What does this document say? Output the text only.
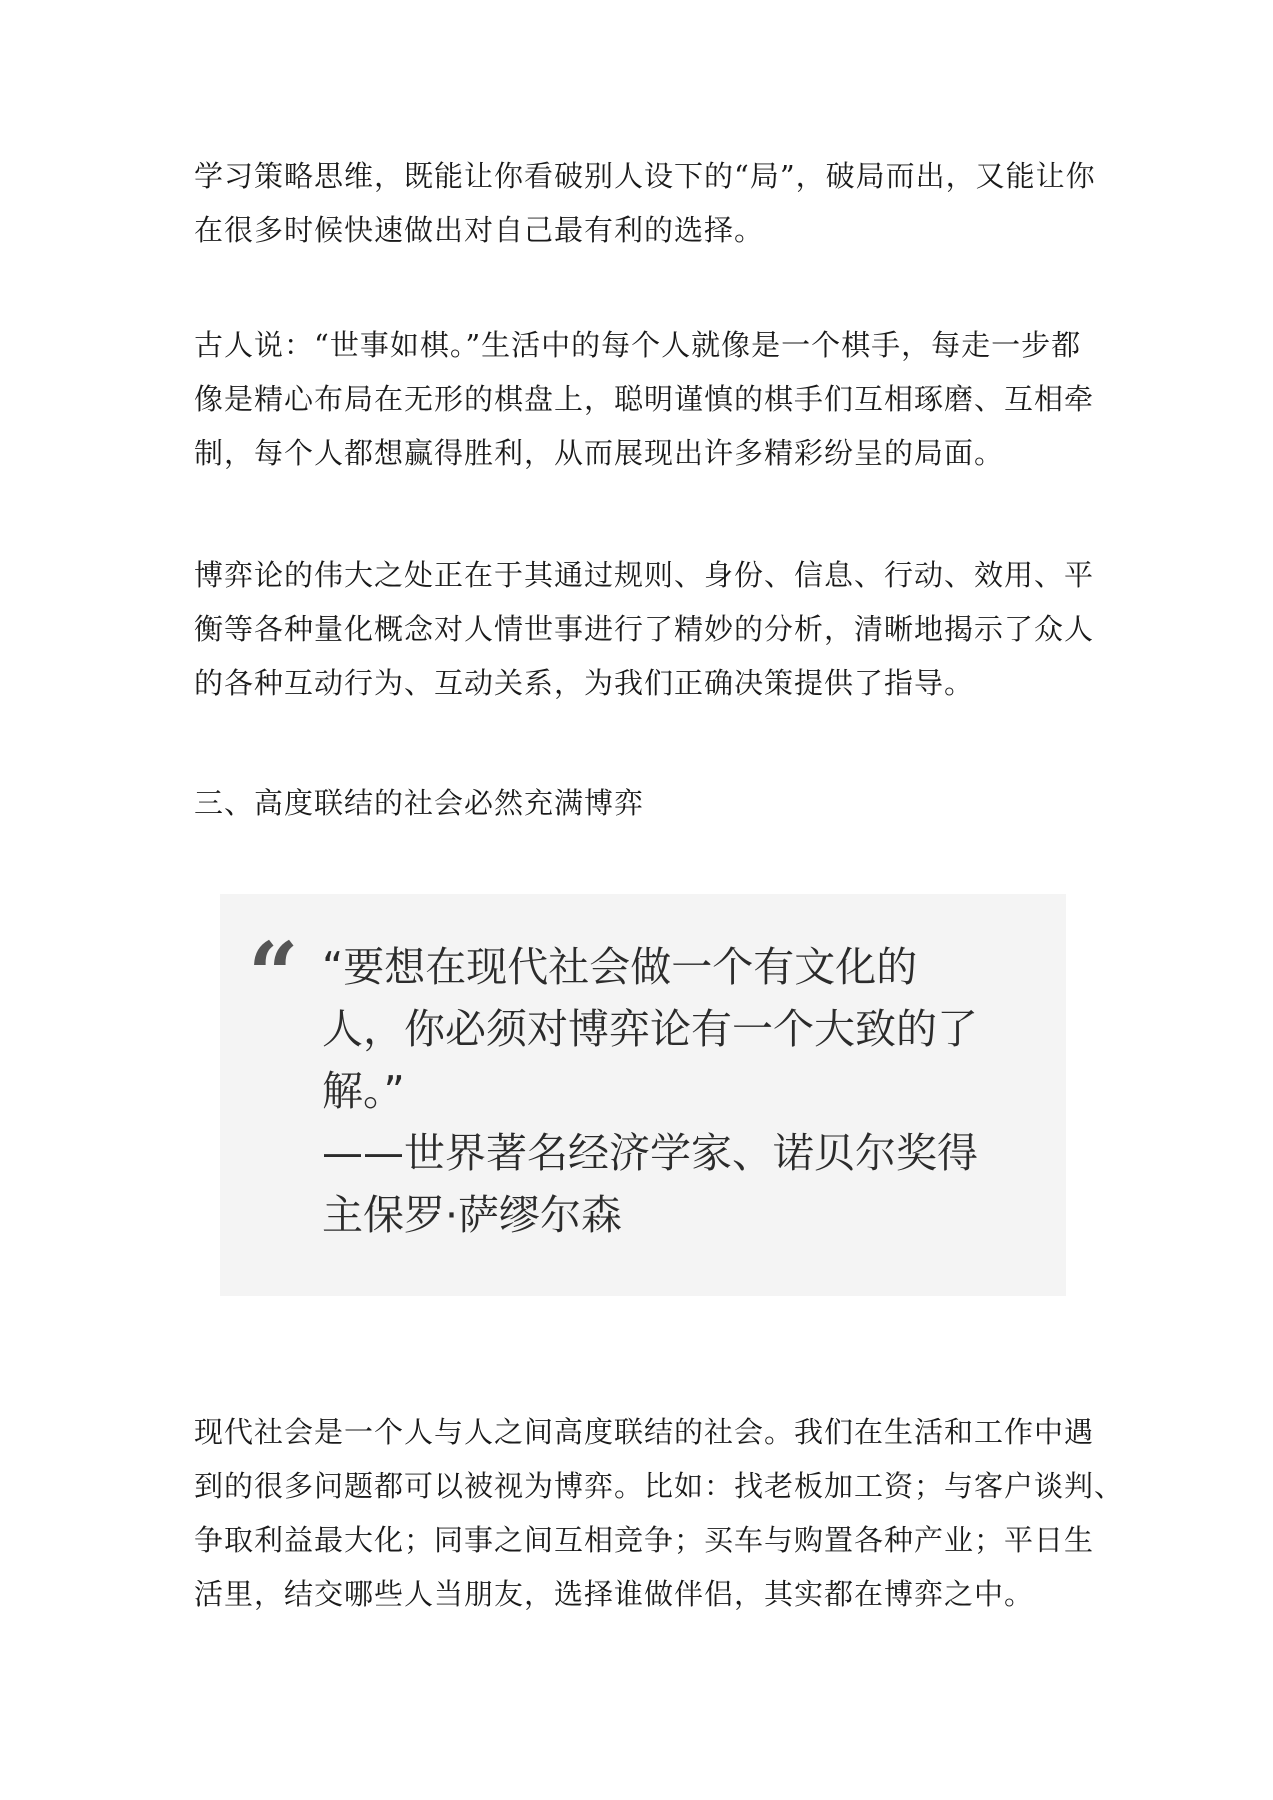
学习策略思维，既能让你看破别人设下的“局”，破局而出，又能让你
在很多时候快速做出对自己最有利的选择。

古人说：“世事如棋。”生活中的每个人就像是一个棋手，每走一步都
像是精心布局在无形的棋盘上，聪明谨慎的棋手们互相琢磨、互相牵
制，每个人都想赢得胜利，从而展现出许多精彩纷呈的局面。

博弈论的伟大之处正在于其通过规则、身份、信息、行动、效用、平
衡等各种量化概念对人情世事进行了精妙的分析，清晰地揭示了众人
的各种互动行为、互动关系，为我们正确决策提供了指导。

三、高度联结的社会必然充满博弈

“ “要想在现代社会做一个有文化的
人，你必须对博弈论有一个大致的了
解。”
——世界著名经济学家、诺贝尔奖得
主保罗·萨缪尔森

现代社会是一个人与人之间高度联结的社会。我们在生活和工作中遇
到的很多问题都可以被视为博弈。比如：找老板加工资；与客户谈判、
争取利益最大化；同事之间互相竞争；买车与购置各种产业；平日生
活里，结交哪些人当朋友，选择谁做伴侣，其实都在博弈之中。
